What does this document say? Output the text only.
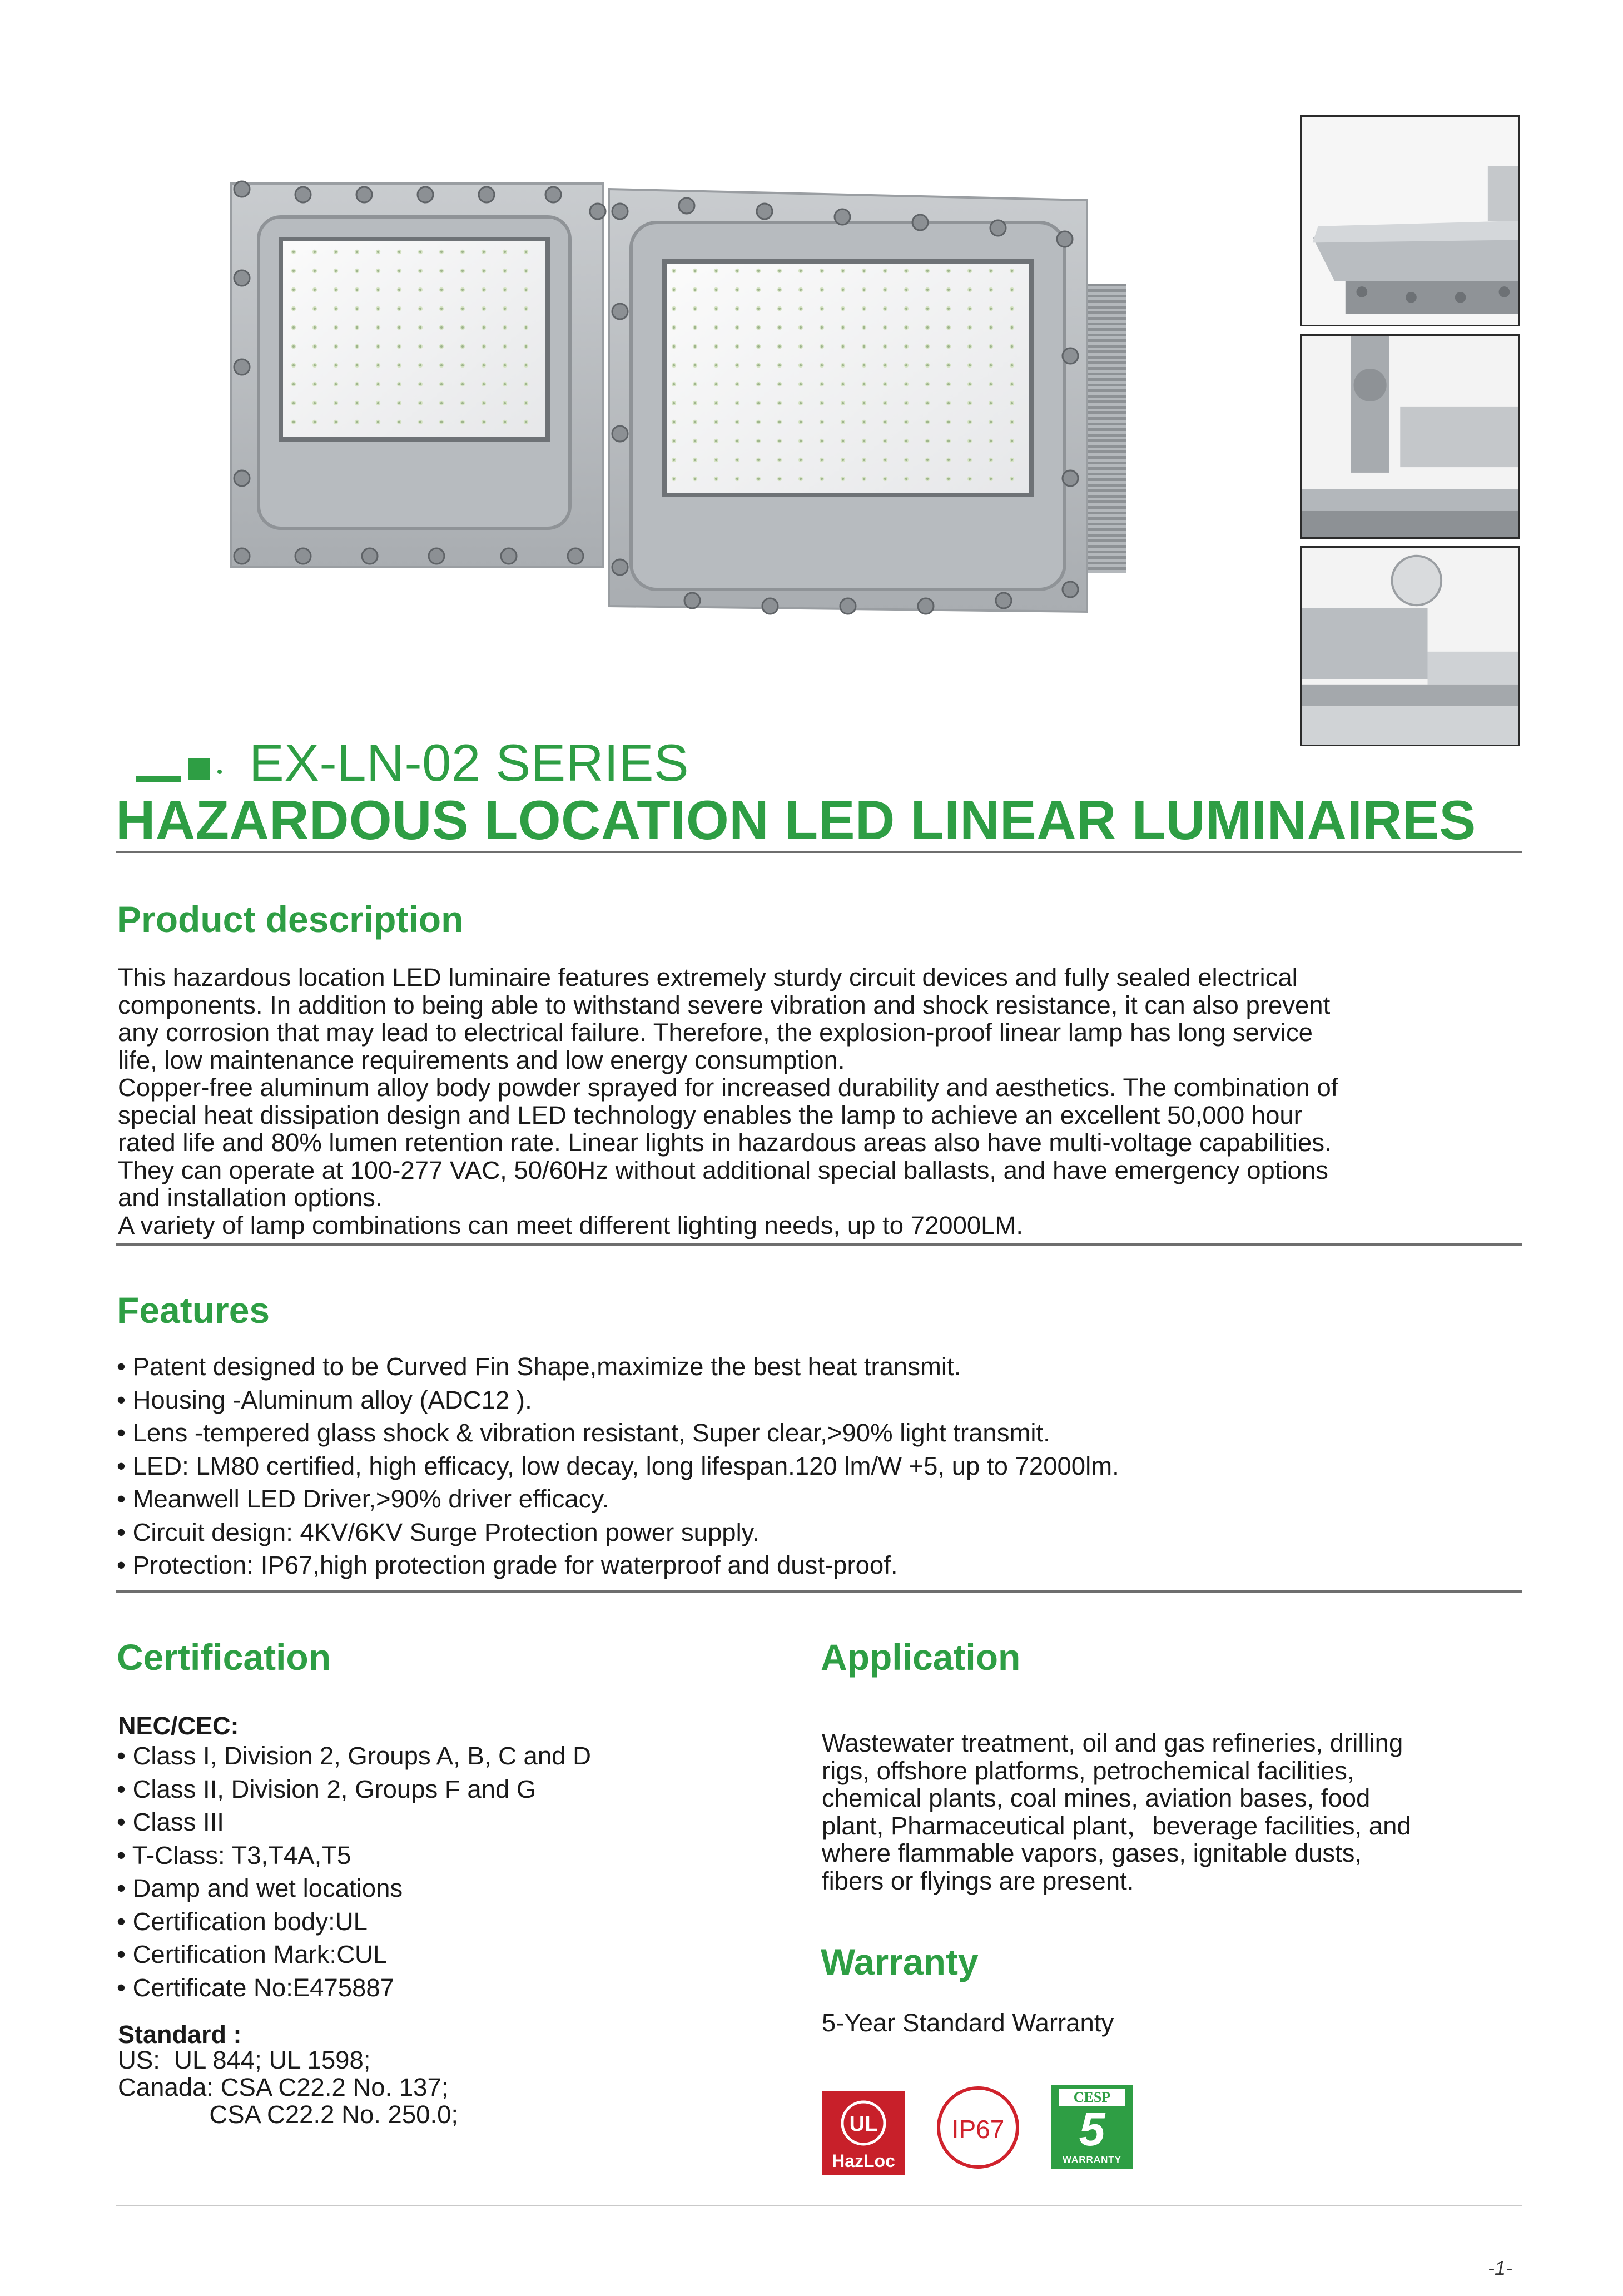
EX-LN-02 SERIES
HAZARDOUS LOCATION LED LINEAR LUMINAIRES
Product description

This hazardous location LED luminaire features extremely sturdy circuit devices and fully sealed electrical

components. In addition to being able to withstand severe vibration and shock resistance, it can also prevent

any corrosion that may lead to electrical failure. Therefore, the explosion-proof linear lamp has long service

life, low maintenance requirements and low energy consumption.

Copper-free aluminum alloy body powder sprayed for increased durability and aesthetics. The combination of

special heat dissipation design and LED technology enables the lamp to achieve an excellent 50,000 hour

rated life and 80% lumen retention rate. Linear lights in hazardous areas also have multi-voltage capabilities.

They can operate at 100-277 VAC, 50/60Hz without additional special ballasts, and have emergency options

and installation options.

A variety of lamp combinations can meet different lighting needs, up to 72000LM.

Features
• Patent designed to be Curved Fin Shape,maximize the best heat transmit.
• Housing -Aluminum alloy (ADC12 ).
• Lens -tempered glass shock & vibration resistant, Super clear,>90% light transmit.
• LED: LM80 certified, high efficacy, low decay, long lifespan.120 lm/W +5, up to 72000lm.
• Meanwell LED Driver,>90% driver efficacy.
• Circuit design: 4KV/6KV Surge Protection power supply.
• Protection: IP67,high protection grade for waterproof and dust-proof.
Certification
NEC/CEC:
• Class I, Division 2, Groups A, B, C and D
• Class II, Division 2, Groups F and G
• Class III
• T-Class: T3,T4A,T5
• Damp and wet locations
• Certification body:UL
• Certification Mark:CUL
• Certificate No:E475887
Standard :
US:  UL 844; UL 1598;
Canada: CSA C22.2 No. 137;
CSA C22.2 No. 250.0;
Application

Wastewater treatment, oil and gas refineries, drilling

rigs, offshore platforms, petrochemical facilities,

chemical plants, coal mines, aviation bases, food

plant, Pharmaceutical plant，beverage facilities, and

where flammable vapors, gases, ignitable dusts,

fibers or flyings are present.

Warranty
5-Year Standard Warranty
UL
HazLoc
IP67
CESP
5
WARRANTY
-1-
